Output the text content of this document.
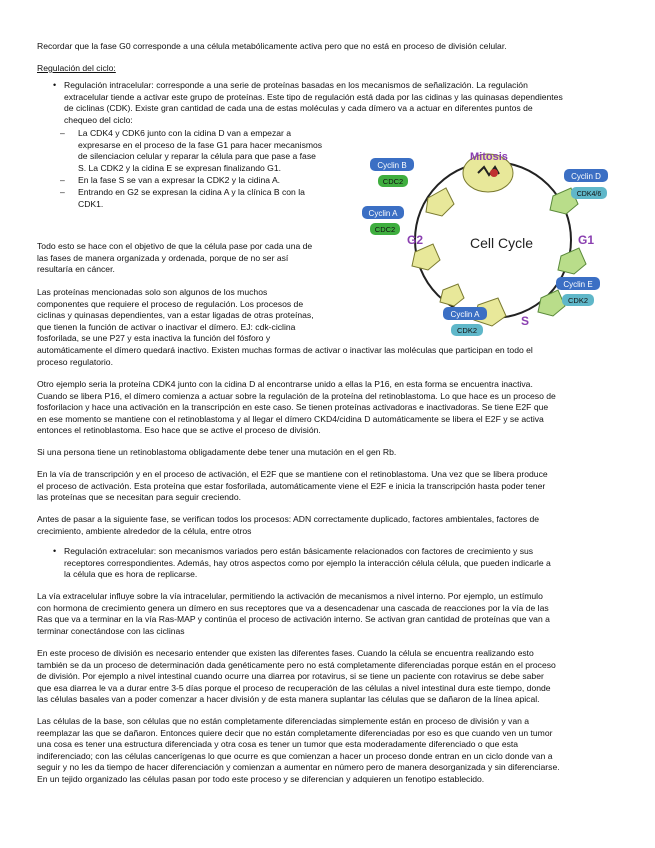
Recordar que la fase G0 corresponde a una célula metabólicamente activa pero que no está en proceso de división celular.

Regulación del ciclo:

• Regulación intracelular: corresponde a una serie de proteínas basadas en los mecanismos de señalización. La regulación
extracelular tiende a activar este grupo de proteínas. Este tipo de regulación está dada por las cidinas y las quinasas dependientes
de ciclinas (CDK). Existe gran cantidad de cada una de estas moléculas y cada dímero va a actuar en diferentes puntos de
chequeo del ciclo:
– La CDK4 y CDK6 junto con la cidina D van a empezar a
expresarse en el proceso de la fase G1 para hacer mecanismos
de silenciacion celular y reparar la célula para que pase a fase
S. La CDK2 y la cidina E se expresan finalizando G1.
– En la fase S se van a expresar la CDK2 y la cidina A.
– Entrando en G2 se expresan la cidina A y la clínica B con la
CDK1.
Todo esto se hace con el objetivo de que la célula pase por cada una de
las fases de manera organizada y ordenada, porque de no ser así
resultaría en cáncer.
Las proteínas mencionadas solo son algunos de los muchos
componentes que requiere el proceso de regulación. Los procesos de
ciclinas y quinasas dependientes, van a estar ligadas de otras proteínas,
que tienen la función de activar o inactivar el dímero. EJ: cdk-ciclina
fosforilada, se une P27 y esta inactiva la función del fósforo y
automáticamente el dímero quedará inactivo. Existen muchas formas de activar o inactivar las moléculas que participan en todo el
proceso regulatorio.
Otro ejemplo seria la proteína CDK4 junto con la cidina D al encontrarse unido a ellas la P16, en esta forma se encuentra inactiva.
Cuando se libera P16, el dímero comienza a actuar sobre la regulación de la proteína del retinoblastoma. Lo que hace es un proceso de
fosforilacion y hace una activación en la transcripción en este caso. Se tienen proteínas activadoras e inactivadoras. Se tiene E2F que
en ese momento se mantiene con el retinoblastoma y al llegar el dímero CKD4/cidina D automáticamente se libera el E2F y se activa
entonces el retinoblastoma. Eso hace que se active el proceso de división.

Si una persona tiene un retinoblastoma obligadamente debe tener una mutación en el gen Rb.

En la vía de transcripción y en el proceso de activación, el E2F que se mantiene con el retinoblastoma. Una vez que se libera produce
el proceso de activación. Esta proteína que estar fosforilada, automáticamente viene el E2F e inicia la transcripción hasta poder tener
las proteínas que se necesitan para seguir creciendo.
Antes de pasar a la siguiente fase, se verifican todos los procesos: ADN correctamente duplicado, factores ambientales, factores de
crecimiento, ambiente alrededor de la célula, entre otros
• Regulación extracelular: son mecanismos variados pero están básicamente relacionados con factores de crecimiento y sus
receptores correspondientes. Además, hay otros aspectos como por ejemplo la interacción célula célula, que pueden indicarle a
la célula que es hora de replicarse.
La vía extracelular influye sobre la vía intracelular, permitiendo la activación de mecanismos a nivel interno. Por ejemplo, un estímulo
con hormona de crecimiento genera un dímero en sus receptores que va a desencadenar una cascada de reacciones por la vía de las
Ras que va a terminar en la vía Ras-MAP y continúa el proceso de activación interno. Se activan gran cantidad de proteínas que van a
terminar conectándose con las ciclinas
En este proceso de división es necesario entender que existen las diferentes fases. Cuando la célula se encuentra realizando esto
también se da un proceso de determinación dada genéticamente pero no está completamente diferenciadas porque están en el proceso
de división. Por ejemplo a nivel intestinal cuando ocurre una diarrea por rotavirus, si se tiene un paciente con rotavirus se debe saber
que esa diarrea le va a durar entre 3-5 días porque el proceso de recuperación de las células a nivel intestinal dura este tiempo, donde
las células basales van a poder comenzar a hacer división y de esta manera suplantar las células que se dañaron de la línea apical.
Las células de la base, son células que no están completamente diferenciadas simplemente están en proceso de división y van a
reemplazar las que se dañaron. Entonces quiere decir que no están completamente diferenciadas por eso es que cuando ven un tumor
una cosa es tener una estructura diferenciada y otra cosa es tener un tumor que esta moderadamente diferenciado o que esta
indiferenciado; con las células cancerígenas lo que ocurre es que comienzan a hacer un proceso donde entran en un ciclo donde van a
seguir y no les da tiempo de hacer diferenciación y comienzan a aumentar en número pero de manera desorganizada y sin diferenciarse.
En un tejido organizado las células pasan por todo este proceso y se diferencian y adquieren un fenotipo establecido.
Mitosis
Cell Cycle
G2	G1
S
Cyclin B
CDC2
Cyclin A
CDC2
Cyclin D
CDK4/6
Cyclin E
CDK2
Cyclin A
CDK2
